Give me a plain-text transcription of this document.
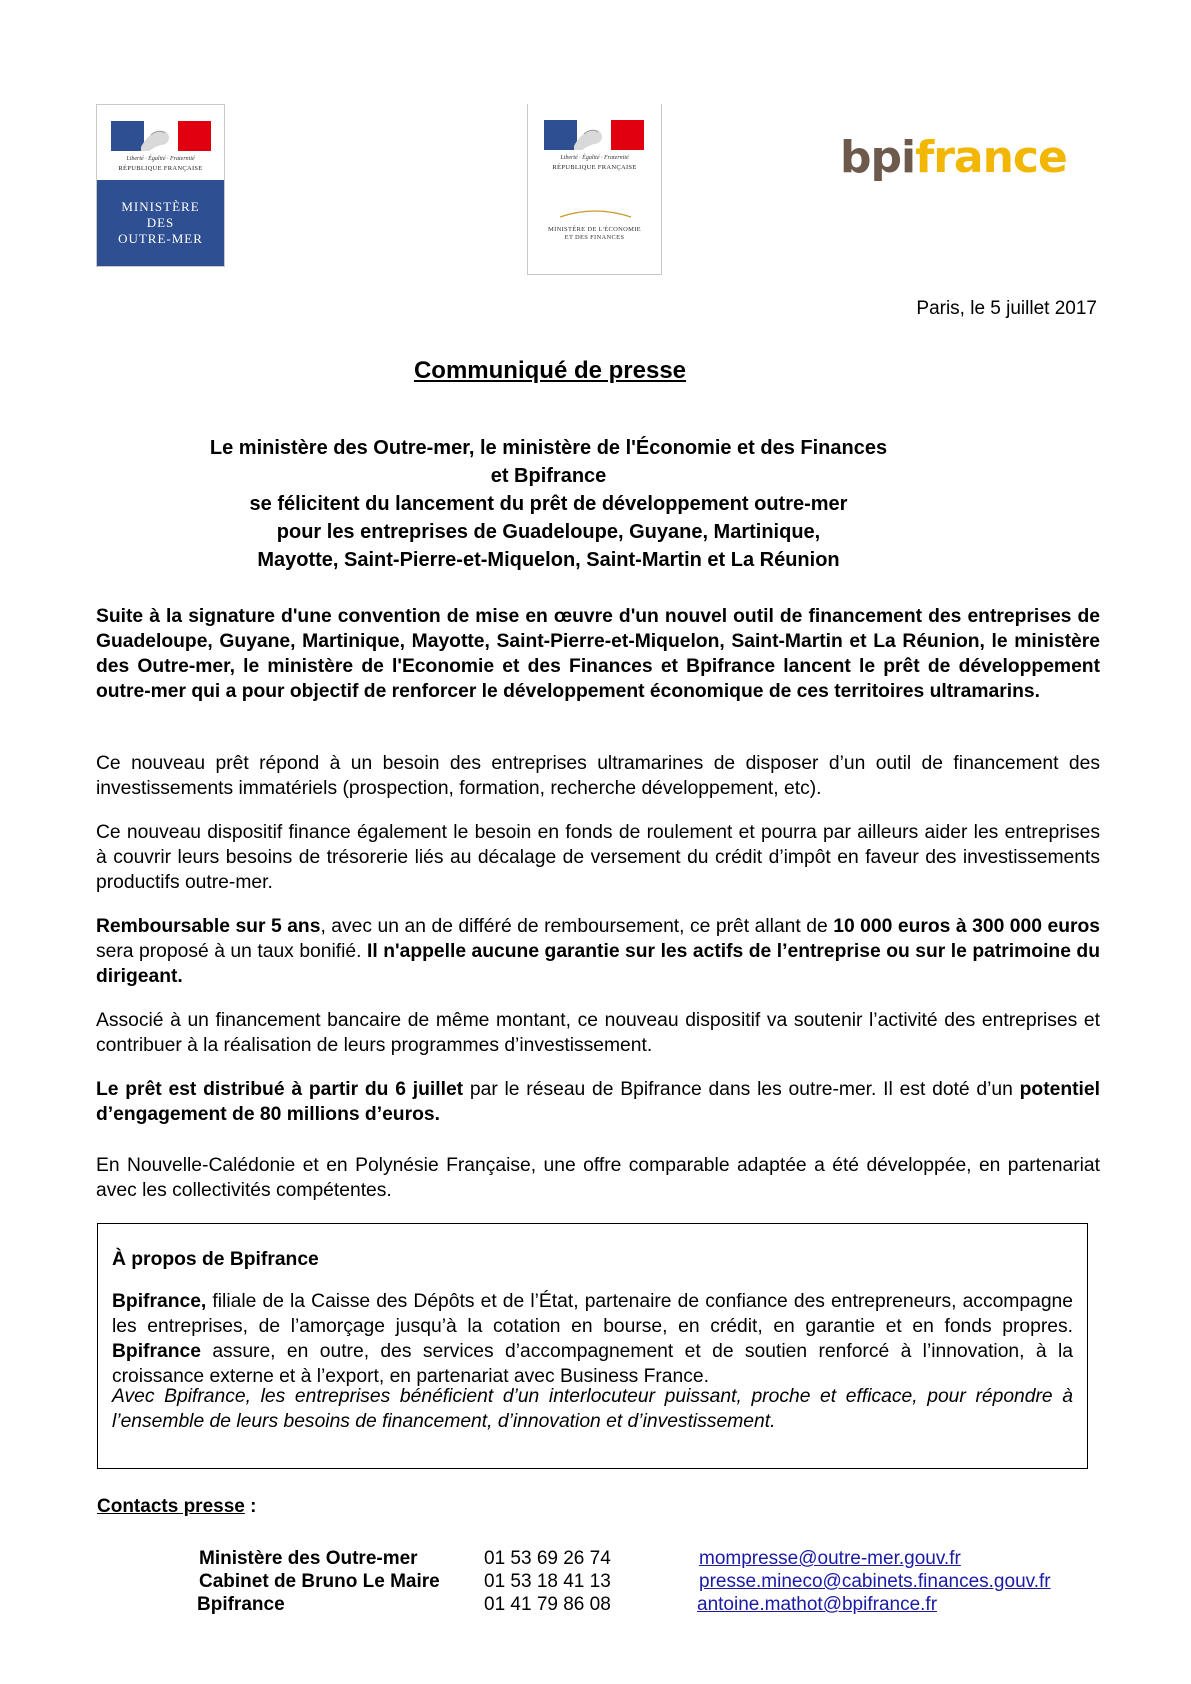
Liberté · Égalité · Fraternité
RÉPUBLIQUE FRANÇAISE
MINISTÈRE
DES
OUTRE-MER
Liberté · Égalité · Fraternité
RÉPUBLIQUE FRANÇAISE
MINISTÈRE DE L'ÉCONOMIE
ET DES FINANCES
bpifrance
Paris, le 5 juillet 2017
Communiqué de presse
Le ministère des Outre-mer, le ministère de l'Économie et des Finances
et Bpifrance
se félicitent du lancement du prêt de développement outre-mer
pour les entreprises de Guadeloupe, Guyane, Martinique,
Mayotte, Saint-Pierre-et-Miquelon, Saint-Martin et La Réunion
Suite à la signature d'une convention de mise en œuvre d'un nouvel outil de financement des entreprises de Guadeloupe, Guyane, Martinique, Mayotte, Saint-Pierre-et-Miquelon, Saint-Martin et La Réunion, le ministère des Outre-mer, le ministère de l'Economie et des Finances et Bpifrance lancent le prêt de développement outre-mer qui a pour objectif de renforcer le développement économique de ces territoires ultramarins.
Ce nouveau prêt répond à un besoin des entreprises ultramarines de disposer d’un outil de financement des investissements immatériels (prospection, formation, recherche développement, etc).
Ce nouveau dispositif finance également le besoin en fonds de roulement et pourra par ailleurs aider les entreprises à couvrir leurs besoins de trésorerie liés au décalage de versement du crédit d’impôt en faveur des investissements productifs outre-mer.
Remboursable sur 5 ans, avec un an de différé de remboursement, ce prêt allant de 10 000 euros à 300 000 euros sera proposé à un taux bonifié. Il n'appelle aucune garantie sur les actifs de l’entreprise ou sur le patrimoine du dirigeant.
Associé à un financement bancaire de même montant, ce nouveau dispositif va soutenir l’activité des entreprises et contribuer à la réalisation de leurs programmes d’investissement.
Le prêt est distribué à partir du 6 juillet par le réseau de Bpifrance dans les outre-mer. Il est doté d’un potentiel d’engagement de 80 millions d’euros.
En Nouvelle-Calédonie et en Polynésie Française, une offre comparable adaptée a été développée, en partenariat avec les collectivités compétentes.
À propos de Bpifrance
Bpifrance, filiale de la Caisse des Dépôts et de l’État, partenaire de confiance des entrepreneurs, accompagne les entreprises, de l’amorçage jusqu’à la cotation en bourse, en crédit, en garantie et en fonds propres. Bpifrance assure, en outre, des services d’accompagnement et de soutien renforcé à l’innovation, à la croissance externe et à l’export, en partenariat avec Business France.
Avec Bpifrance, les entreprises bénéficient d’un interlocuteur puissant, proche et efficace, pour répondre à l’ensemble de leurs besoins de financement, d’innovation et d’investissement.
Contacts presse :
Ministère des Outre-mer	01 53 69 26 74	mompresse@outre-mer.gouv.fr
Cabinet de Bruno Le Maire 01 53 18 41 13	presse.mineco@cabinets.finances.gouv.fr
Bpifrance	01 41 79 86 08	antoine.mathot@bpifrance.fr
